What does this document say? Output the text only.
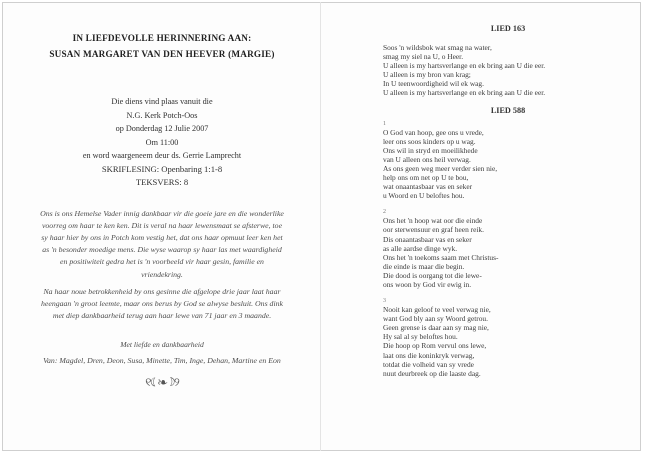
IN LIEFDEVOLLE HERINNERING AAN:
SUSAN MARGARET VAN DEN HEEVER (MARGIE)
Die diens vind plaas vanuit die
N.G. Kerk Potch-Oos
op Donderdag 12 Julie 2007
Om 11:00
en word waargeneem deur ds. Gerrie Lamprecht
SKRIFLESING: Openbaring 1:1-8
TEKSVERS: 8
Ons is ons Hemelse Vader innig dankbaar vir die goeie jare en die wonderlike
voorreg om haar te ken ken. Dit is veral na haar lewensmaat se afsterwe, toe
sy haar hier by ons in Potch kom vestig het, dat ons haar opmuut leer ken het
as 'n besonder moedige mens. Die wyse waarop sy haar las met waardigheid
en positiwiteit gedra het is 'n voorbeeld vir haar gesin, familie en
vriendekring.
Na haar noue betrokkenheid by ons gesinne die afgelope drie jaar laat haar
heengaan 'n groot leemte, maar ons berus by God se alwyse besluit. Ons dink
met diep dankbaarheid terug aan haar lewe van 71 jaar en 3 maande.
Met liefde en dankbaarheid
Van: Magdel, Dren, Deon, Susa, Minette, Tim, Inge, Dehan, Martine en Eon
୧☾❧☽୨
LIED 163
Soos 'n wildsbok wat smag na water,
smag my siel na U, o Heer.
U alleen is my hartsverlange en ek bring aan U die eer.
U alleen is my bron van krag;
In U teenwoordigheid wil ek wag.
U alleen is my hartsverlange en ek bring aan U die eer.
LIED 588
1
O God van hoop, gee ons u vrede,
leer ons soos kinders op u wag.
Ons wil in stryd en moeilikhede
van U alleen ons heil verwag.
As ons geen weg meer verder sien nie,
help ons om net op U te bou,
wat onaantasbaar vas en seker
u Woord en U beloftes hou.
2
Ons het 'n hoop wat oor die einde
oor sterwensuur en graf heen reik.
Dis onaantasbaar vas en seker
as alle aardse dinge wyk.
Ons het 'n toekoms saam met Christus-
die einde is maar die begin.
Die dood is oorgang tot die lewe-
ons woon by God vir ewig in.
3
Nooit kan geloof te veel verwag nie,
want God bly aan sy Woord getrou.
Geen grense is daar aan sy mag nie,
Hy sal al sy beloftes hou.
Die hoop op Rom vervul ons lewe,
laat ons die koninkryk verwag,
totdat die volheid van sy vrede
nuut deurbreek op die laaste dag.
